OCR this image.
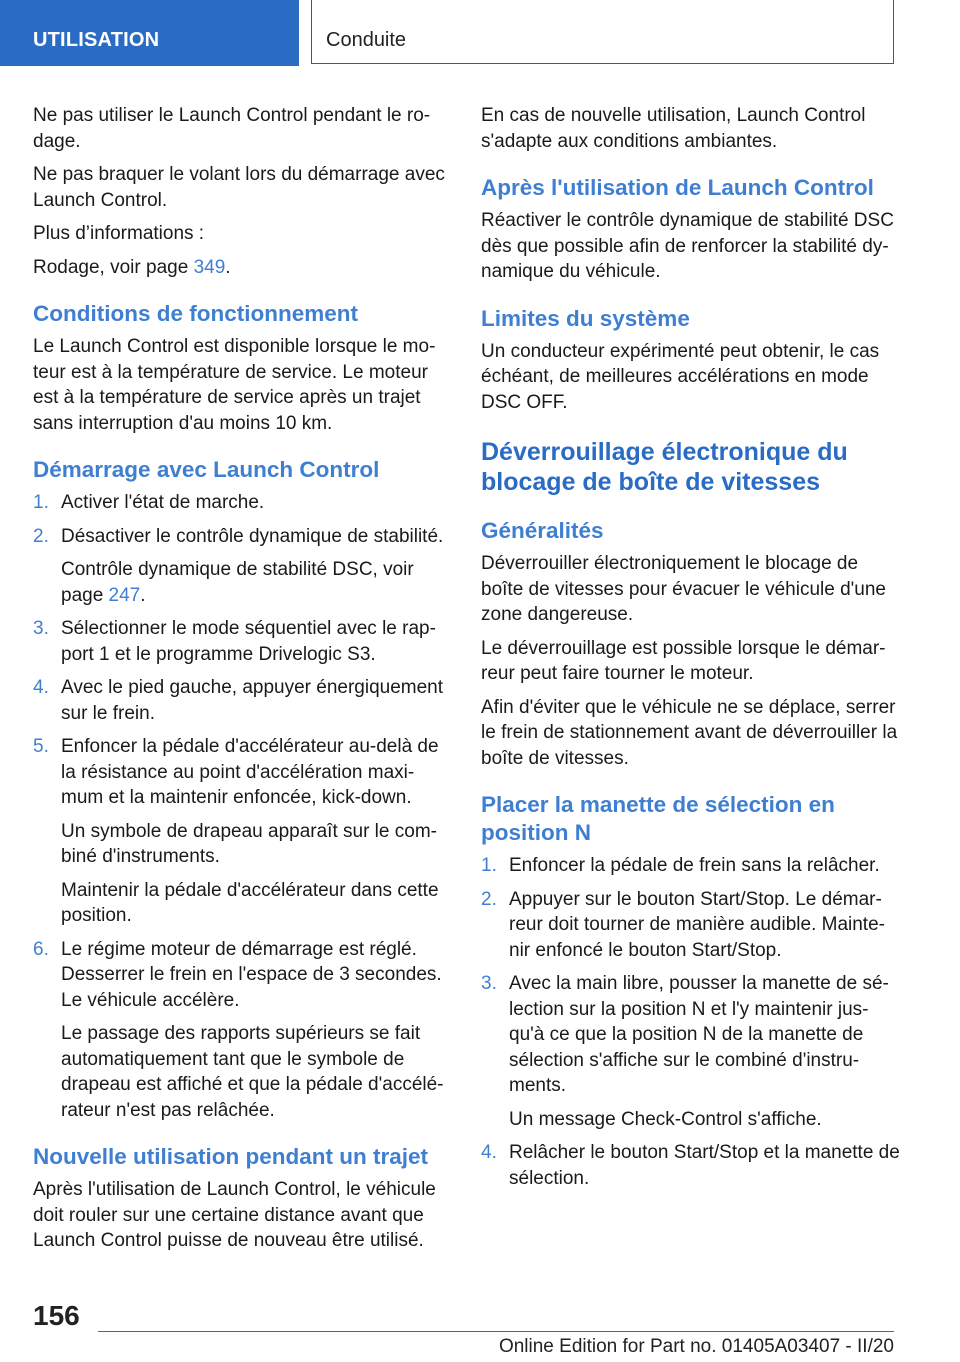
UTILISATION	Conduite

Ne pas utiliser le Launch Control pendant le ro‐dage.

Ne pas braquer le volant lors du démarrage avec Launch Control.

Plus d’informations :

Rodage, voir page 349.

Conditions de fonctionnement

Le Launch Control est disponible lorsque le mo‐teur est à la température de service. Le moteur est à la température de service après un trajet sans interruption d'au moins 10 km.

Démarrage avec Launch Control
1. Activer l'état de marche.
2. Désactiver le contrôle dynamique de stabilité.
Contrôle dynamique de stabilité DSC, voir page 247.
3. Sélectionner le mode séquentiel avec le rap‐port 1 et le programme Drivelogic S3.
4. Avec le pied gauche, appuyer énergiquement sur le frein.
5. Enfoncer la pédale d'accélérateur au-delà de la résistance au point d'accélération maxi‐mum et la maintenir enfoncée, kick-down.
Un symbole de drapeau apparaît sur le com‐biné d'instruments.
Maintenir la pédale d'accélérateur dans cette position.
6. Le régime moteur de démarrage est réglé. Desserrer le frein en l'espace de 3 secondes. Le véhicule accélère.
Le passage des rapports supérieurs se fait automatiquement tant que le symbole de drapeau est affiché et que la pédale d'accélé‐rateur n'est pas relâchée.
Nouvelle utilisation pendant un trajet

Après l'utilisation de Launch Control, le véhicule doit rouler sur une certaine distance avant que Launch Control puisse de nouveau être utilisé.

En cas de nouvelle utilisation, Launch Control s'adapte aux conditions ambiantes.

Après l'utilisation de Launch Control

Réactiver le contrôle dynamique de stabilité DSC dès que possible afin de renforcer la stabilité dy‐namique du véhicule.

Limites du système

Un conducteur expérimenté peut obtenir, le cas échéant, de meilleures accélérations en mode DSC OFF.

Déverrouillage électronique du blocage de boîte de vitesses
Généralités

Déverrouiller électroniquement le blocage de boîte de vitesses pour évacuer le véhicule d'une zone dangereuse.

Le déverrouillage est possible lorsque le démar‐reur peut faire tourner le moteur.

Afin d'éviter que le véhicule ne se déplace, serrer le frein de stationnement avant de déverrouiller la boîte de vitesses.

Placer la manette de sélection en position N
1. Enfoncer la pédale de frein sans la relâcher.
2. Appuyer sur le bouton Start/Stop. Le démar‐reur doit tourner de manière audible. Mainte‐nir enfoncé le bouton Start/Stop.
3. Avec la main libre, pousser la manette de sé‐lection sur la position N et l'y maintenir jus‐qu'à ce que la position N de la manette de sélection s'affiche sur le combiné d'instru‐ments.
Un message Check-Control s'affiche.
4. Relâcher le bouton Start/Stop et la manette de sélection.
156
Online Edition for Part no. 01405A03407 - II/20
